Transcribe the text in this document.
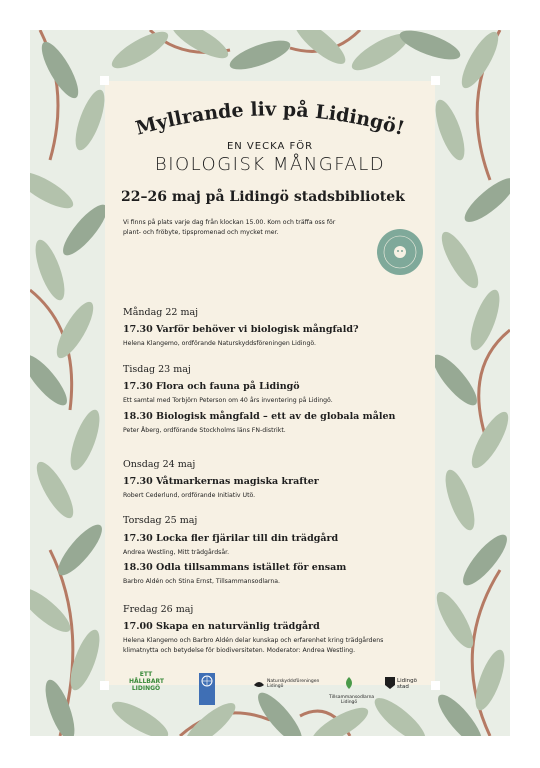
Myllrande liv på Lidingö!
EN VECKA FÖR
BIOLOGISK MÅNGFALD
22–26 maj på Lidingö stadsbibliotek
Vi finns på plats varje dag från klockan 15.00. Kom och träffa oss för plant- och fröbyte, tipspromenad och mycket mer.
Måndag 22 maj
17.30 Varför behöver vi biologisk mångfald?
Helena Klangemo, ordförande Naturskyddsföreningen Lidingö.
Tisdag 23 maj
17.30 Flora och fauna på Lidingö
Ett samtal med Torbjörn Peterson om 40 års inventering på Lidingö.
18.30 Biologisk mångfald – ett av de globala målen
Peter Åberg, ordförande Stockholms läns FN-distrikt.
Onsdag 24 maj
17.30 Våtmarkernas magiska krafter
Robert Cederlund, ordförande Initiativ Utö.
Torsdag 25 maj
17.30 Locka fler fjärilar till din trädgård
Andrea Westling, Mitt trädgårdsår.
18.30 Odla tillsammans istället för ensam
Barbro Aldén och Stina Ernst, Tillsammansodlarna.
Fredag 26 maj
17.00 Skapa en naturvänlig trädgård
Helena Klangemo och Barbro Aldén delar kunskap och erfarenhet kring trädgårdens klimatnytta och betydelse för biodiversiteten. Moderator: Andrea Westling.
ETT HÅLLBART LIDINGÖ
Naturskyddsföreningen Lidingö
Tillsammansodlarna Lidingö
Lidingö stad
